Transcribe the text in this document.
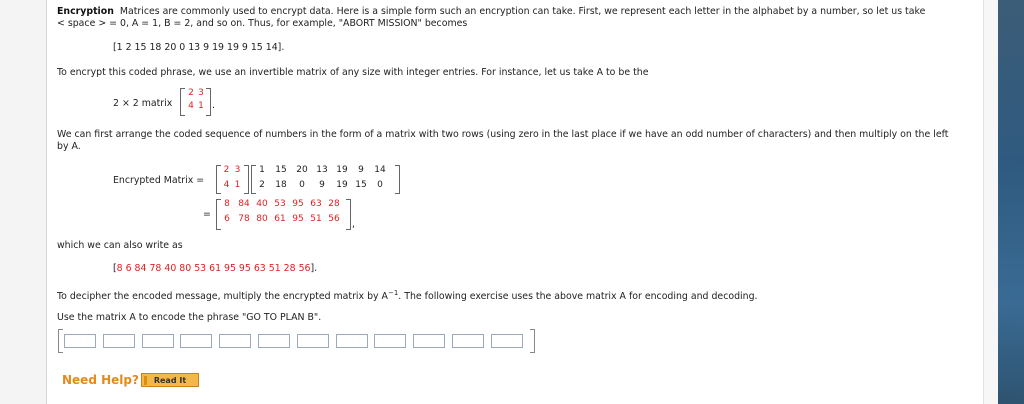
Encryption Matrices are commonly used to encrypt data. Here is a simple form such an encryption can take. First, we represent each letter in the alphabet by a number, so let us take
< space > = 0, A = 1, B = 2, and so on. Thus, for example, "ABORT MISSION" becomes
[1 2 15 18 20 0 13 9 19 19 9 15 14].
To encrypt this coded phrase, we use an invertible matrix of any size with integer entries. For instance, let us take A to be the
2 × 2 matrix
2 3
4 1 .
We can first arrange the coded sequence of numbers in the form of a matrix with two rows (using zero in the last place if we have an odd number of characters) and then multiply on the left
by A.
Encrypted Matrix =
2 3
4 1
1 15 20 13 19 9 14
2 18 0 9 19 15 0
=
8 84 40 53 95 63 28
6 78 80 61 95 51 56	,
which we can also write as
[8 6 84 78 40 80 53 61 95 95 63 51 28 56].
To decipher the encoded message, multiply the encrypted matrix by $A^{-1}$. The following exercise uses the above matrix A for encoding and decoding.
Use the matrix A to encode the phrase "GO TO PLAN B".
Need Help?	Read It
